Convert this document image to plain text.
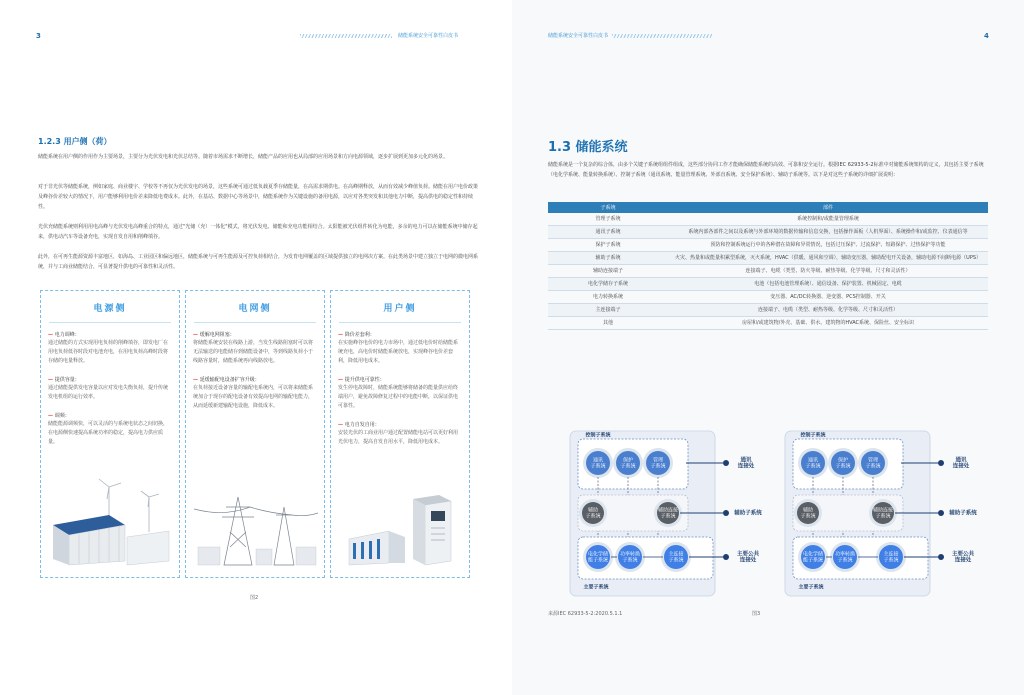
3	储能系统安全可靠性白皮书
1.2.3 用户侧（荷）
储能系统在用户侧的作用作为主要场景，主要分为光伏发电和光伏总结等。随着市场需求不断增长，储能产品的应用也从局部的应用场景和方向电源领域，逐步扩展到更加多元化的场景。
对于非光伏等储能系统，例如家庭、商业楼宇、学校等不再仅为光伏发电的场景，这些系统可通过低负载夏季存储能量，在高需求期供电。在高峰期释放，从而有效减少峰值负荷。储能在用户电价政策及峰谷价差较大的情况下，用户能够利用电价差来降低电费成本。此外，在基站、数据中心等场景中，储能系统作为关键设施的备用电源，以应对各类突发和其他电力中断，提高供电的稳定性和持续性。
光伏充储能系统则利用用电高峰与光伏发电高峰重合的特点，通过"光储（充）一体化"模式，将光伏发电、储能和充电功能相结合。太阳能被光伏组件转化为电能，多余的电力可以在储能系统中储存起来，供电动汽车等设备充电，实现自发自用和削峰填谷。
此外，在可再生能源资源丰富地区，如海岛、工业园区和偏远地区，储能系统与可再生能源及可控负荷相结合，为发育电网覆盖的区域提供独立的电网决方案。在此类场景中建立独立于电网的微电网系统，并与工商业储能结合，可显著提升供电的可靠性和灵活性。
电源侧
— 电力调峰：
通过储能的方式实现用电负荷的削峰填谷，即发电厂在用电负荷低谷时段对电池充电，在用电负荷高峰时段将存储的电量释放。
— 提供容量：
通过储能提供发电容量以应对发电失衡负荷，提升传统发电机组的运行效率。
— 调频：
储能能源调频快，可以灵活的与系统电状态之间切换，在电源侧快速提高系统功率的稳定，提高电力供应质量。
电网侧
— 缓解电网阻塞：
将储能系统安装在线路上游，当发生线路阻塞时可以将无法输送的电能储存到储能设备中，等到线路负荷小于线路容量时，储能系统再向线路放电。
— 延缓输配电设备扩容升级：
在负荷接近设备容量的输配电系统内，可以将来储能系统加合于现存的配电设备有效提高电网的输配电能力，从而延缓新建输配电设施，降低成本。
用户侧
— 降价差套利：
在实施峰谷电价的电力市场中，通过低电价时给储能系统充电，高电价时储能系统放电，实现峰谷电价差套利，降低用电成本。
— 提升供电可靠性：
发生停电故障时，储能系统能够将储备的能量供应给终端用户，避免故障修复过程中的电能中断，以保证供电可靠性。
— 电力自发自用：
安装光伏的工商业用户通过配置储能电站可以更好利用光伏电力，提高自发自用水平，降低用电成本。
图2
储能系统安全可靠性白皮书	4
1.3 储能系统
储能系统是一个复杂的综合体，由多个关键子系统组组件组成，这些部分协同工作才能确保储能系统的高效、可靠和安全运行。根据IEC 62933-5-2标准中对储能系统架构的定义，其包括主要子系统（电化学系统、能量转换系统）、控制子系统（通讯系统、能量管理系统、外部直系统、安全保护系统）、辅助子系统等。以下是对这些子系统的详细扩展说明：
子系统	部件
管理子系统	系统控制和/或能量管理系统
通讯子系统	系统内部各部件之间以及系统与外部环境的数据传输和信息交换，包括操作面板（人机界面）、系统操作和/或监控、仪表通信等
保护子系统	预防和控制系统运行中的各种潜在故障和异常情况，包括过压保护、过流保护、短路保护、过热保护等功能
辅助子系统	火灾、热量和或能量积累型系统，灭火系统，HVAC（供暖、通风和空调），辅助变压器，辅助配电开关设备，辅助电源不间断电源（UPS）
辅助连接端子	连接端子、电缆（类型、防火等级、耐热等级、化学等级、尺寸和灵活性）
电化学储存子系统	电池（包括电池管理系统）、通信设备、保护装置、机械固定、电缆
电力转换系统	变压器、AC/DC转换器、逆变器、PCS控制器、开关
主连接端子	连接端子、电缆（类型、耐热等级、化学等级、尺寸和灵活性）
其他	房屋和/或建筑物/外壳、基础、供水、建筑物的HVAC系统、保险丝、安全标识
控制子系统
通讯子系统
保护子系统
管理子系统
通讯连接处
辅助子系统
辅助连接子系统	辅助子系统
电化学储能子系统
功率转换子系统
主连接子系统
主要公共连接处
主要子系统
控制子系统
通讯子系统
保护子系统
管理子系统
通讯连接处
辅助子系统
辅助连接子系统	辅助子系统
电化学储能子系统
功率转换子系统
主连接子系统
主要公共连接处
主要子系统
来源IEC 62933-5-2:2020.5.1.1	图3
